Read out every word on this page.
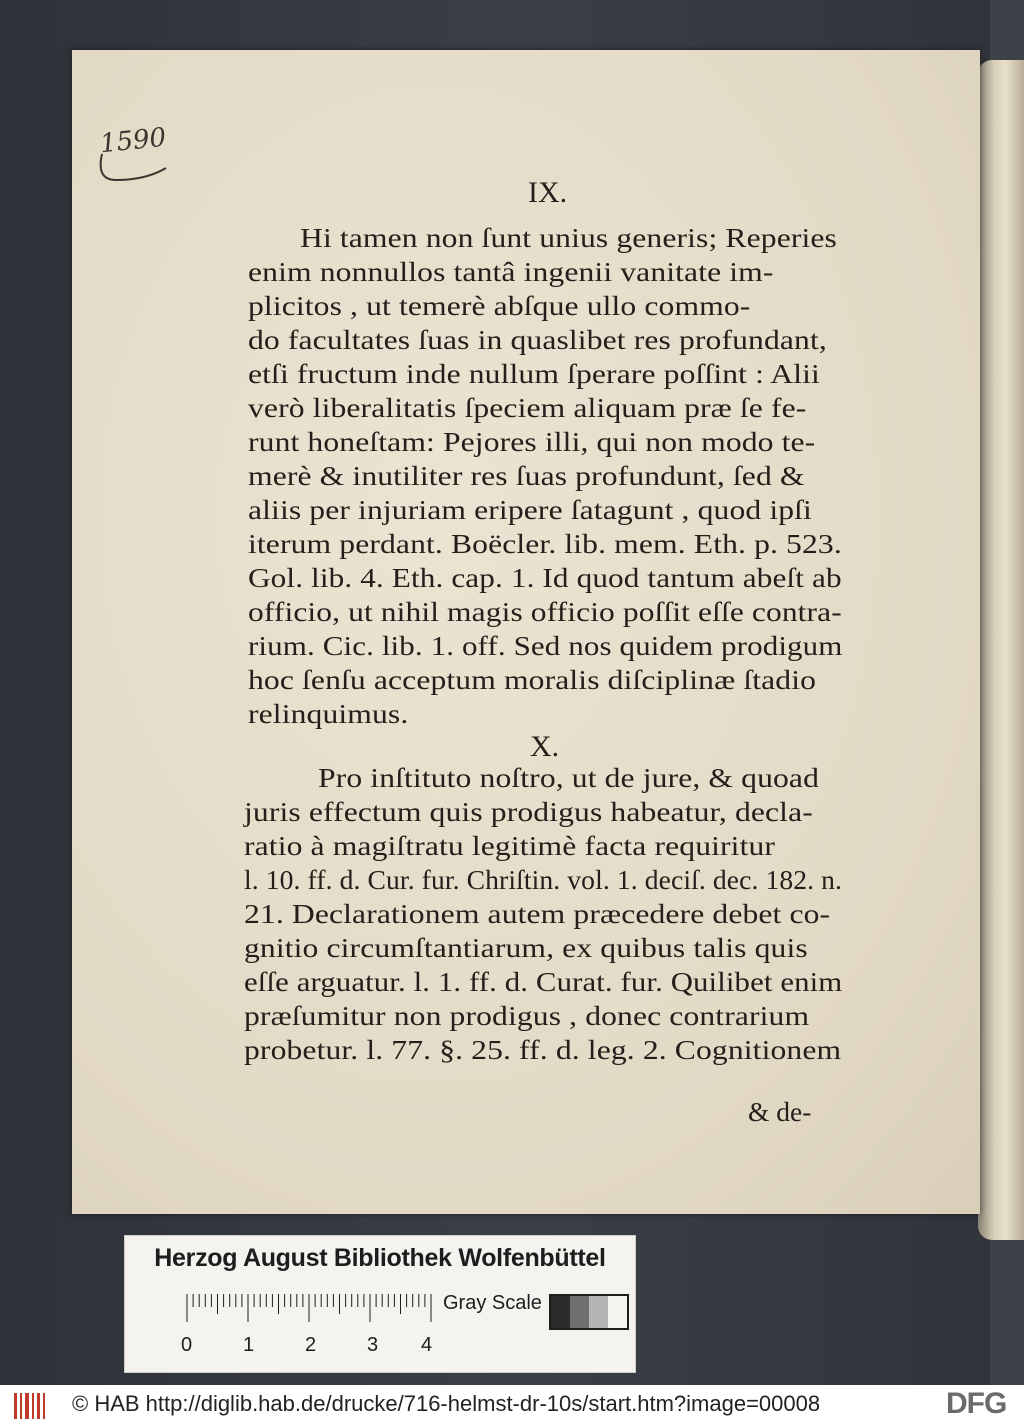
1590
IX.
Hi tamen non ſunt unius generis; Reperies
enim nonnullos tantâ ingenii vanitate im-
plicitos , ut temerè abſque ullo commo-
do facultates ſuas in quaslibet res profundant,
etſi fructum inde nullum ſperare poſſint : Alii
verò liberalitatis ſpeciem aliquam præ ſe fe-
runt honeſtam: Pejores illi, qui non modo te-
merè & inutiliter res ſuas profundunt, ſed &
aliis per injuriam eripere ſatagunt , quod ipſi
iterum perdant. Boëcler. lib. mem. Eth. p. 523.
Gol. lib. 4. Eth. cap. 1. Id quod tantum abeſt ab
officio, ut nihil magis officio poſſit eſſe contra-
rium. Cic. lib. 1. off. Sed nos quidem prodigum
hoc ſenſu acceptum moralis diſciplinæ ſtadio
relinquimus.
X.
Pro inſtituto noſtro, ut de jure, & quoad
juris effectum quis prodigus habeatur, decla-
ratio à magiſtratu legitimè facta requiritur
l. 10. ff. d. Cur. fur. Chriſtin. vol. 1. deciſ. dec. 182. n.
21. Declarationem autem præcedere debet co-
gnitio circumſtantiarum, ex quibus talis quis
eſſe arguatur. l. 1. ff. d. Curat. fur. Quilibet enim
præſumitur non prodigus , donec contrarium
probetur. l. 77. §. 25. ff. d. leg. 2. Cognitionem
& de-
Herzog August Bibliothek Wolfenbüttel
0	1	2	3 4
Gray Scale
© HAB http://diglib.hab.de/drucke/716-helmst-dr-10s/start.htm?image=00008	DFG
